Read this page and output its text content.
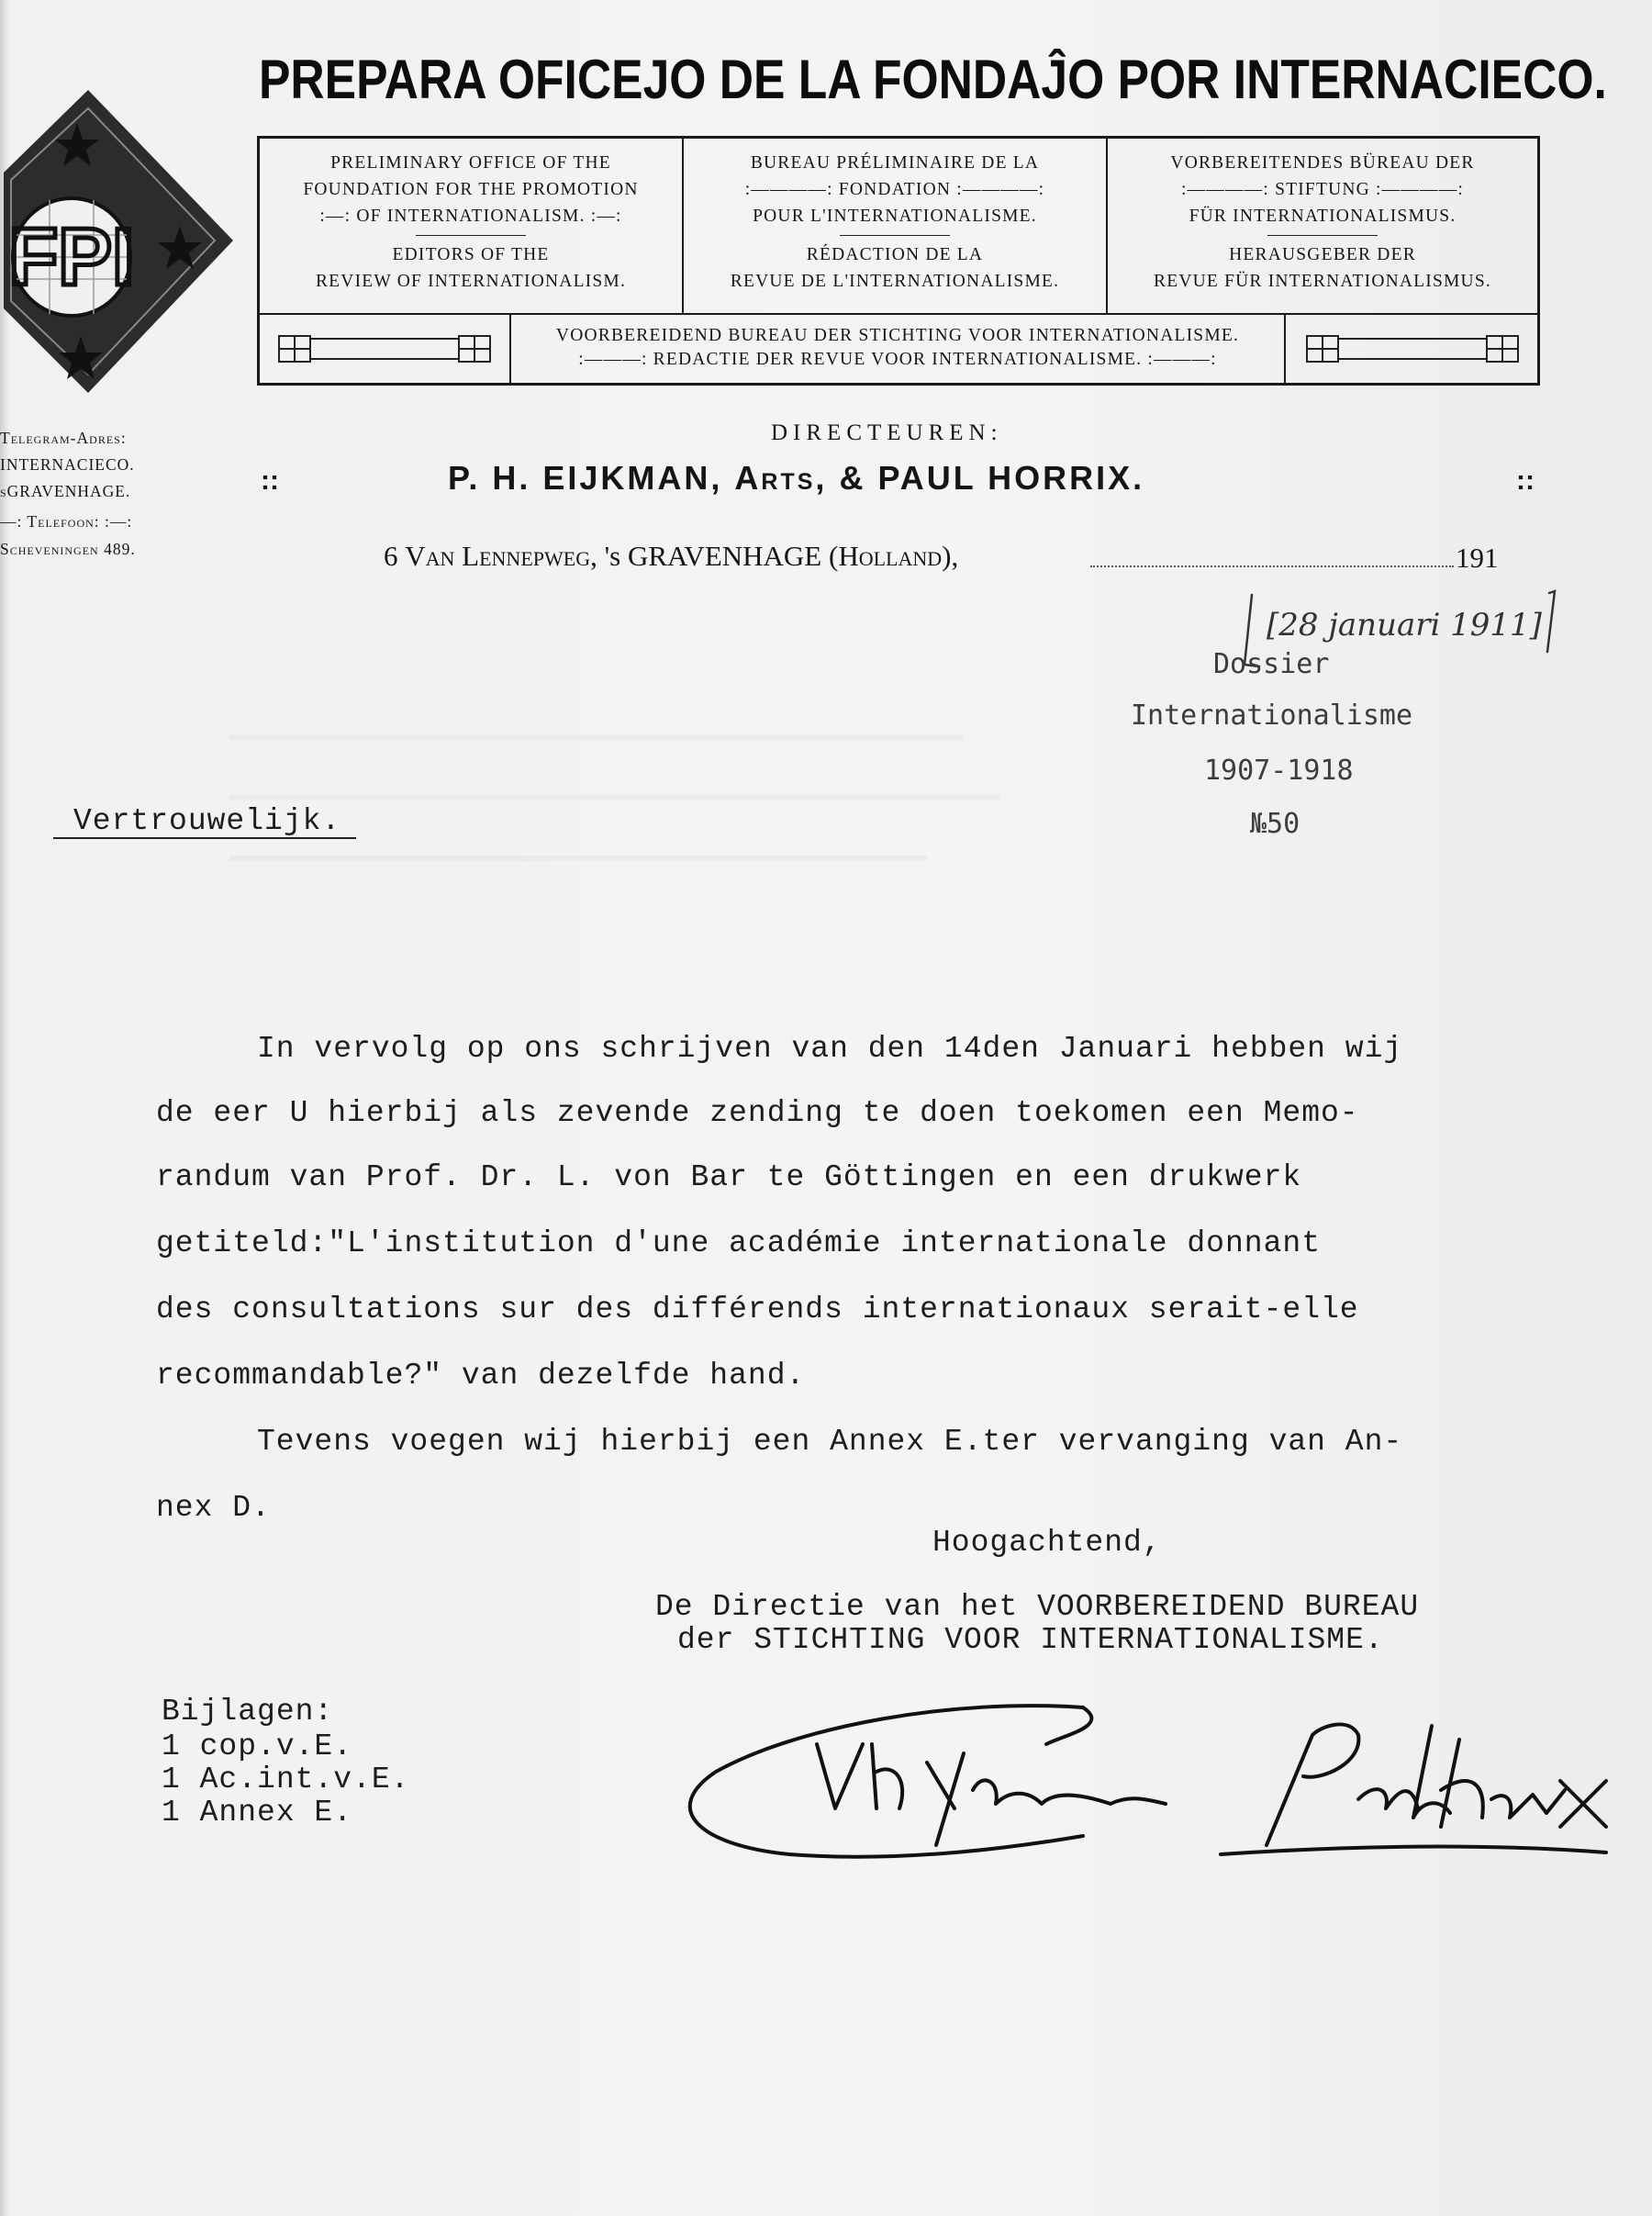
FPI
PREPARA OFICEJO DE LA FONDAĴO POR INTERNACIECO.
PRELIMINARY OFFICE OF THE
FOUNDATION FOR THE PROMOTION
:—: OF INTERNATIONALISM. :—:
EDITORS OF THE
REVIEW OF INTERNATIONALISM.
BUREAU PRÉLIMINAIRE DE LA
:————: FONDATION :————:
POUR L'INTERNATIONALISME.
RÉDACTION DE LA
REVUE DE L'INTERNATIONALISME.
VORBEREITENDES BÜREAU DER
:————: STIFTUNG :————:
FÜR INTERNATIONALISMUS.
HERAUSGEBER DER
REVUE FÜR INTERNATIONALISMUS.
VOORBEREIDEND BUREAU DER STICHTING VOOR INTERNATIONALISME.
:———: REDACTIE DER REVUE VOOR INTERNATIONALISME. :———:
Telegram-Adres:
INTERNACIECO.
sGRAVENHAGE.
—: Telefoon: :—:
Scheveningen 489.
DIRECTEUREN:
::	P. H. EIJKMAN, Arts, & PAUL HORRIX.	::
6 Van Lennepweg, 's GRAVENHAGE (Holland),	191
[28 januari 1911]
Dossier
Internationalisme
1907-1918
№50
Vertrouwelijk.
In vervolg op ons schrijven van den 14den Januari hebben wij
de eer U hierbij als zevende zending te doen toekomen een Memo-
randum van Prof. Dr. L. von Bar te Göttingen en een drukwerk
getiteld:"L'institution d'une académie internationale donnant
des consultations sur des différends internationaux serait-elle
recommandable?" van dezelfde hand.
Tevens voegen wij hierbij een Annex E.ter vervanging van An-
nex D.
Hoogachtend,
De Directie van het VOORBEREIDEND BUREAU
der STICHTING VOOR INTERNATIONALISME.
Bijlagen:
1 cop.v.E.
1 Ac.int.v.E.
1 Annex E.
